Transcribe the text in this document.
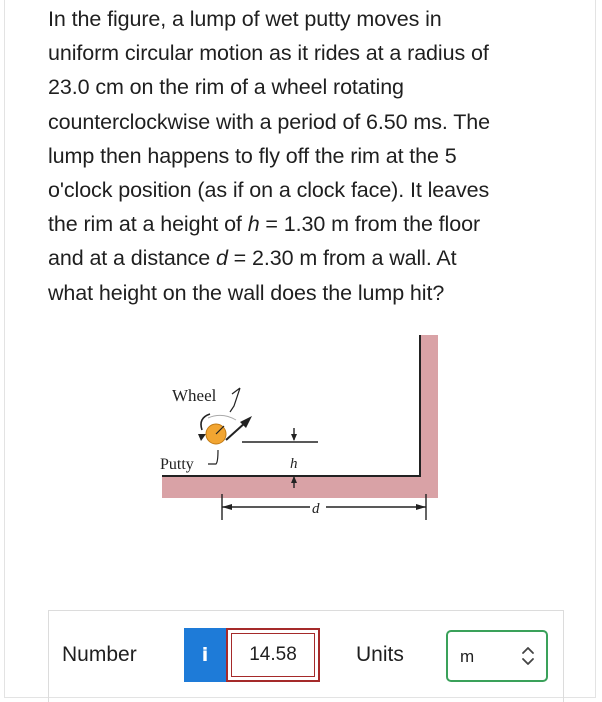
In the figure, a lump of wet putty moves in
uniform circular motion as it rides at a radius of
23.0 cm on the rim of a wheel rotating
counterclockwise with a period of 6.50 ms. The
lump then happens to fly off the rim at the 5
o'clock position (as if on a clock face). It leaves
the rim at a height of h = 1.30 m from the floor
and at a distance d = 2.30 m from a wall. At
what height on the wall does the lump hit?
Wheel
h
Putty
d
Number	i	14.58	Units	m
